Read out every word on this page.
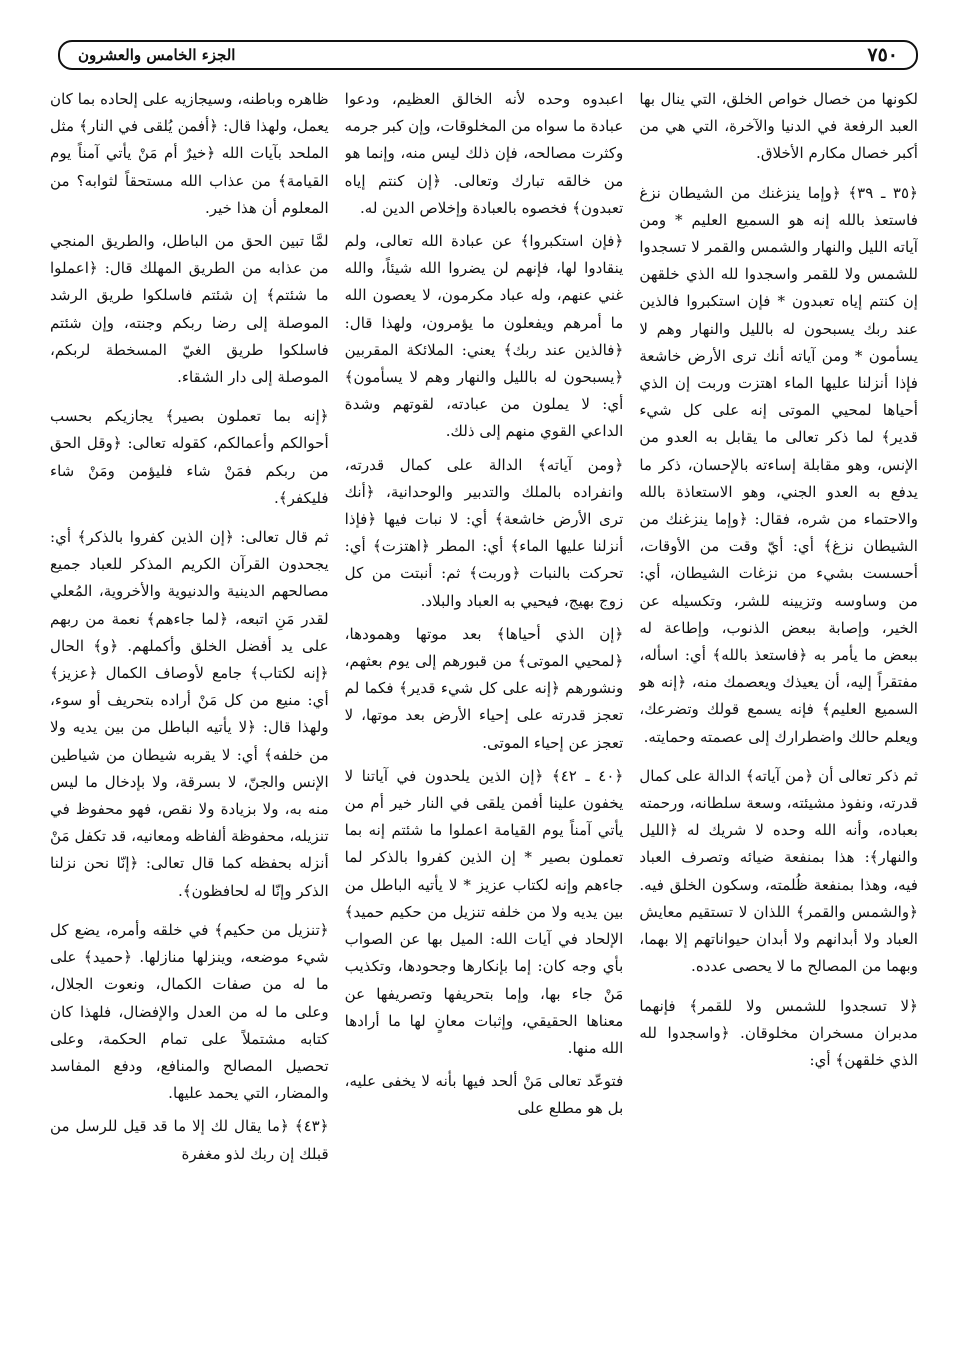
٧٥٠
الجزء الخامس والعشرون

لكونها من خصال خواص الخلق، التي ينال بها العبد الرفعة في الدنيا والآخرة، التي هي من أكبر خصال مكارم الأخلاق.

﴿٣٥ ـ ٣٩﴾ ﴿وإما ينزغنك من الشيطان نزغ فاستعذ بالله إنه هو السميع العليم * ومن آياته الليل والنهار والشمس والقمر لا تسجدوا للشمس ولا للقمر واسجدوا لله الذي خلقهن إن كنتم إياه تعبدون * فإن استكبروا فالذين عند ربك يسبحون له بالليل والنهار وهم لا يسأمون * ومن آياته أنك ترى الأرض خاشعة فإذا أنزلنا عليها الماء اهتزت وربت إن الذي أحياها لمحيي الموتى إنه على كل شيء قدير﴾ لما ذكر تعالى ما يقابل به العدو من الإنس، وهو مقابلة إساءته بالإحسان، ذكر ما يدفع به العدو الجني، وهو الاستعاذة بالله والاحتماء من شره، فقال: ﴿وإما ينزغنك من الشيطان نزغ﴾ أي: أيّ وقت من الأوقات، أحسست بشيء من نزغات الشيطان، أي: من وساوسه وتزيينه للشر، وتكسيله عن الخير، وإصابة ببعض الذنوب، وإطاعة له ببعض ما يأمر به ﴿فاستعذ بالله﴾ أي: اسأله، مفتقراً إليه، أن يعيذك ويعصمك منه، ﴿إنه هو السميع العليم﴾ فإنه يسمع قولك وتضرعك، ويعلم حالك واضطرارك إلى عصمته وحمايته.

ثم ذكر تعالى أن ﴿من آياته﴾ الدالة على كمال قدرته، ونفوذ مشيئته، وسعة سلطانه، ورحمته بعباده، وأنه الله وحده لا شريك له ﴿الليل والنهار﴾: هذا بمنفعة ضيائه وتصرف العباد فيه، وهذا بمنفعة ظُلمته، وسكون الخلق فيه. ﴿والشمس والقمر﴾ اللذان لا تستقيم معايش العباد ولا أبدانهم ولا أبدان حيواناتهم إلا بهما، وبهما من المصالح ما لا يحصى عدده.

﴿لا تسجدوا للشمس ولا للقمر﴾ فإنهما مدبران مسخران مخلوقان. ﴿واسجدوا لله الذي خلقهن﴾ أي:

اعبدوه وحده لأنه الخالق العظيم، ودعوا عبادة ما سواه من المخلوقات، وإن كبر جرمه وكثرت مصالحه، فإن ذلك ليس منه، وإنما هو من خالقه تبارك وتعالى. ﴿إن كنتم إياه تعبدون﴾ فخصوه بالعبادة وإخلاص الدين له.

﴿فإن استكبروا﴾ عن عبادة الله تعالى، ولم ينقادوا لها، فإنهم لن يضروا الله شيئاً، والله غني عنهم، وله عباد مكرمون، لا يعصون الله ما أمرهم ويفعلون ما يؤمرون، ولهذا قال: ﴿فالذين عند ربك﴾ يعني: الملائكة المقربين ﴿يسبحون له بالليل والنهار وهم لا يسأمون﴾ أي: لا يملون من عبادته، لقوتهم وشدة الداعي القوي منهم إلى ذلك.

﴿ومن آياته﴾ الدالة على كمال قدرته، وانفراده بالملك والتدبير والوحدانية، ﴿أنك ترى الأرض خاشعة﴾ أي: لا نبات فيها ﴿فإذا أنزلنا عليها الماء﴾ أي: المطر ﴿اهتزت﴾ أي: تحركت بالنبات ﴿وربت﴾ ثم: أنبتت من كل زوج بهيج، فيحيي به العباد والبلاد.

﴿إن الذي أحياها﴾ بعد موتها وهمودها، ﴿لمحيي الموتى﴾ من قبورهم إلى يوم بعثهم، ونشورهم ﴿إنه على كل شيء قدير﴾ فكما لم تعجز قدرته على إحياء الأرض بعد موتها، لا تعجز عن إحياء الموتى.

﴿٤٠ ـ ٤٢﴾ ﴿إن الذين يلحدون في آياتنا لا يخفون علينا أفمن يلقى في النار خير أم من يأتي آمناً يوم القيامة اعملوا ما شئتم إنه بما تعملون بصير * إن الذين كفروا بالذكر لما جاءهم وإنه لكتاب عزيز * لا يأتيه الباطل من بين يديه ولا من خلفه تنزيل من حكيم حميد﴾ الإلحاد في آيات الله: الميل بها عن الصواب بأي وجه كان: إما بإنكارها وجحودها، وتكذيب مَنْ جاء بها، وإما بتحريفها وتصريفها عن معناها الحقيقي، وإثبات معانٍ لها ما أرادها الله منها.

فتوعّد تعالى مَنْ ألحد فيها بأنه لا يخفى عليه، بل هو مطلع على

ظاهره وباطنه، وسيجازيه على إلحاده بما كان يعمل، ولهذا قال: ﴿أفمن يُلقى في النار﴾ مثل الملحد بآيات الله ﴿خيرٌ أم مَنْ يأتي آمناً يوم القيامة﴾ من عذاب الله مستحقاً لثوابه؟ من المعلوم أن هذا خير.

لمَّا تبين الحق من الباطل، والطريق المنجي من عذابه من الطريق المهلك قال: ﴿اعملوا ما شئتم﴾ إن شئتم فاسلكوا طريق الرشد الموصلة إلى رضا ربكم وجنته، وإن شئتم فاسلكوا طريق الغيّ المسخطة لربكم، الموصلة إلى دار الشقاء.

﴿إنه بما تعملون بصير﴾ يجازيكم بحسب أحوالكم وأعمالكم، كقوله تعالى: ﴿وقل الحق من ربكم فمَنْ شاء فليؤمن ومَنْ شاء فليكفر﴾.

ثم قال تعالى: ﴿إن الذين كفروا بالذكر﴾ أي: يجحدون القرآن الكريم المذكر للعباد جميع مصالحهم الدينية والدنيوية والأخروية، المُعلي لقدر مَنِ اتبعه، ﴿لما جاءهم﴾ نعمة من ربهم على يد أفضل الخلق وأكملهم. ﴿و﴾ الحال ﴿إنه لكتاب﴾ جامع لأوصاف الكمال ﴿عزيز﴾ أي: منيع من كل مَنْ أراده بتحريف أو سوء، ولهذا قال: ﴿لا يأتيه الباطل من بين يديه ولا من خلفه﴾ أي: لا يقربه شيطان من شياطين الإنس والجنّ، لا بسرقة، ولا بإدخال ما ليس منه به، ولا بزيادة ولا نقص، فهو محفوظ في تنزيله، محفوظة ألفاظه ومعانيه، قد تكفل مَنْ أنزله بحفظه كما قال تعالى: ﴿إنّا نحن نزلنا الذكر وإنّا له لحافظون﴾.

﴿تنزيل من حكيم﴾ في خلقه وأمره، يضع كل شيء موضعه، وينزلها منازلها. ﴿حميد﴾ على ما له من صفات الكمال، ونعوت الجلال، وعلى ما له من العدل والإفضال، فلهذا كان كتابه مشتملاً على تمام الحكمة، وعلى تحصيل المصالح والمنافع، ودفع المفاسد والمضار، التي يحمد عليها.

﴿٤٣﴾ ﴿ما يقال لك إلا ما قد قيل للرسل من قبلك إن ربك لذو مغفرة
